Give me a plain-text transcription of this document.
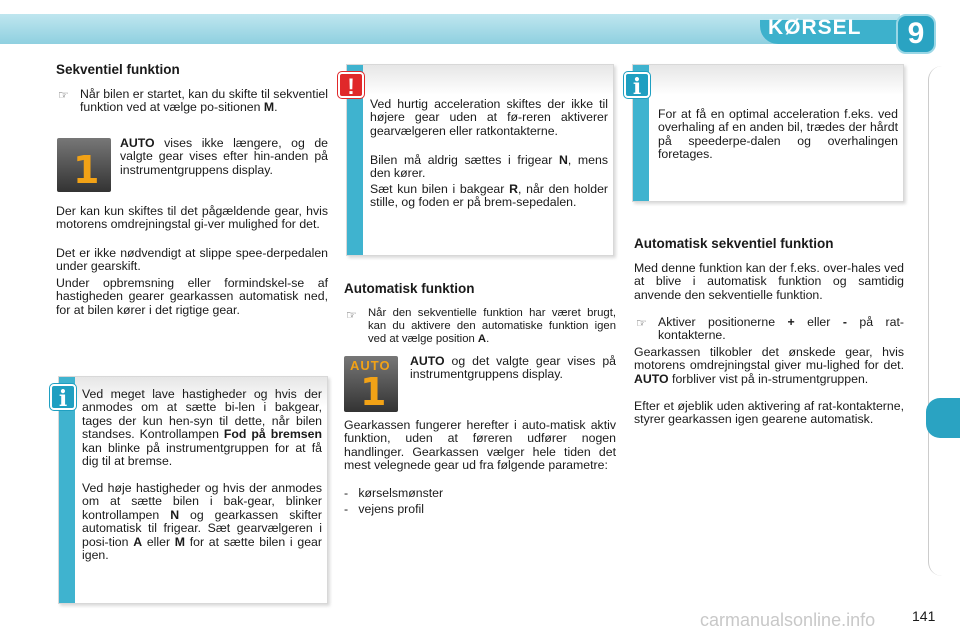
KØRSEL	9
Sekventiel funktion
☞ Når bilen er startet, kan du skifte til sekventiel funktion ved at vælge po-sitionen M.
1
AUTO vises ikke længere, og de valgte gear vises efter hin-anden på instrumentgruppens display.
Der kan kun skiftes til det pågældende gear, hvis motorens omdrejningstal gi-ver mulighed for det.
Det er ikke nødvendigt at slippe spee-derpedalen under gearskift.
Under opbremsning eller formindskel-se af hastigheden gearer gearkassen automatisk ned, for at bilen kører i det rigtige gear.
i	Ved meget lave hastigheder og hvis der anmodes om at sætte bi-len i bakgear, tages der kun hen-syn til dette, når bilen standses. Kontrollampen Fod på bremsen kan blinke på instrumentgruppen for at få dig til at bremse.
Ved høje hastigheder og hvis der anmodes om at sætte bilen i bak-gear, blinker kontrollampen N og gearkassen skifter automatisk til frigear. Sæt gearvælgeren i posi-tion A eller M for at sætte bilen i gear igen.
!
Ved hurtig acceleration skiftes der ikke til højere gear uden at fø-reren aktiverer gearvælgeren eller ratkontakterne.
Bilen må aldrig sættes i frigear N, mens den kører.
Sæt kun bilen i bakgear R, når den holder stille, og foden er på brem-sepedalen.
Automatisk funktion
☞ Når den sekventielle funktion har været brugt, kan du aktivere den automatiske funktion igen ved at vælge position A.
AUTO
1
AUTO og det valgte gear vises på instrumentgruppens display.
Gearkassen fungerer herefter i auto-matisk aktiv funktion, uden at føreren udfører nogen handlinger. Gearkassen vælger hele tiden det mest velegnede gear ud fra følgende parametre:
-   kørselsmønster
-   vejens profil
i
For at få en optimal acceleration f.eks. ved overhaling af en anden bil, trædes der hårdt på speederpe-dalen og overhalingen foretages.
Automatisk sekventiel funktion
Med denne funktion kan der f.eks. over-hales ved at blive i automatisk funktion og samtidig anvende den sekventielle funktion.
☞ Aktiver positionerne + eller - på rat-kontakterne.
Gearkassen tilkobler det ønskede gear, hvis motorens omdrejningstal giver mu-lighed for det. AUTO forbliver vist på in-strumentgruppen.
Efter et øjeblik uden aktivering af rat-kontakterne, styrer gearkassen igen gearene automatisk.
carmanualsonline.info	141
